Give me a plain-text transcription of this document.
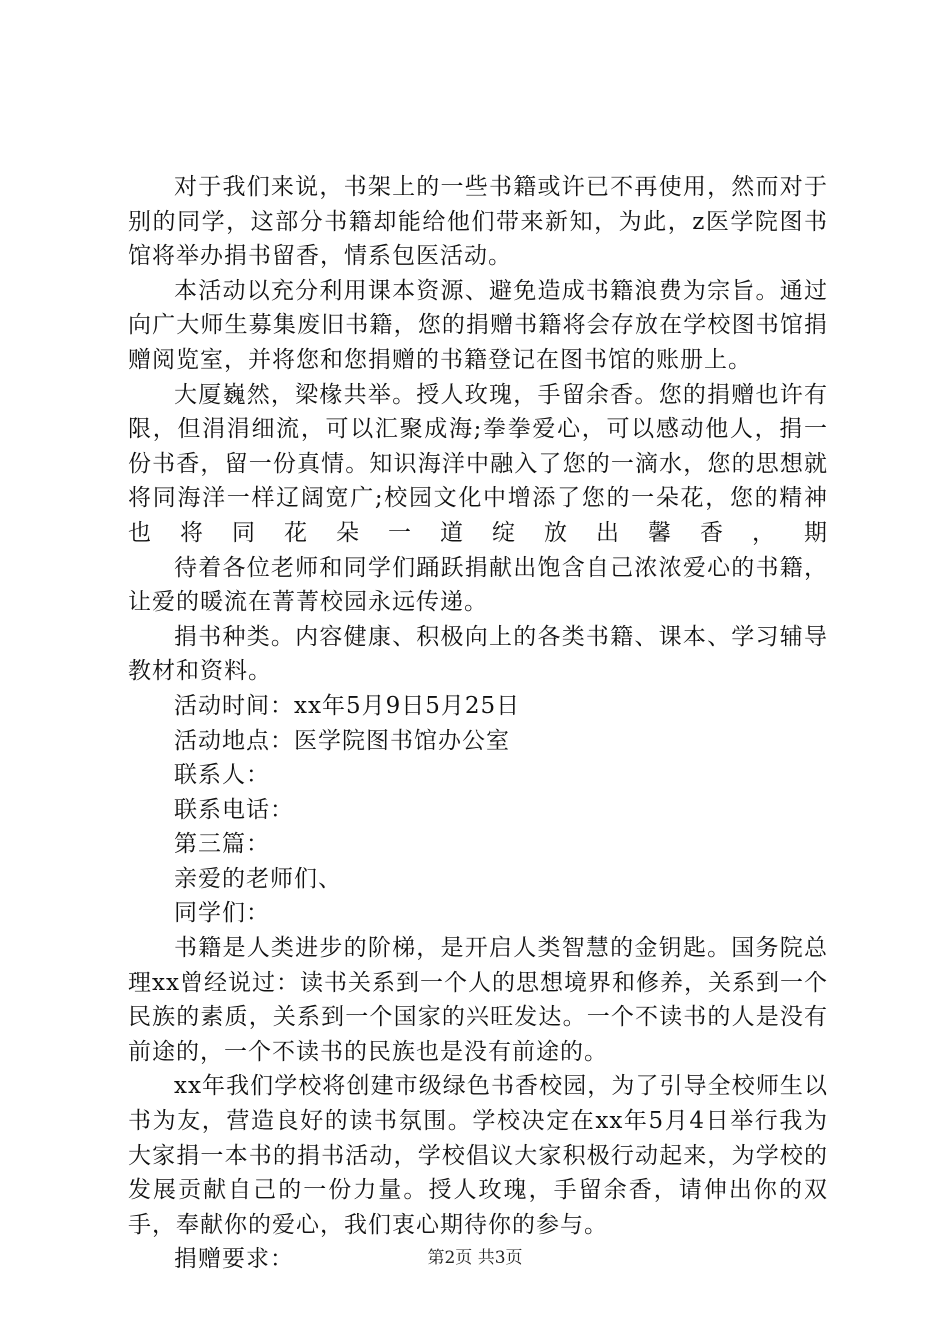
对于我们来说，书架上的一些书籍或许已不再使用，然而对于别的同学，这部分书籍却能给他们带来新知，为此，z医学院图书馆将举办捐书留香，情系包医活动。

本活动以充分利用课本资源、避免造成书籍浪费为宗旨。通过向广大师生募集废旧书籍，您的捐赠书籍将会存放在学校图书馆捐赠阅览室，并将您和您捐赠的书籍登记在图书馆的账册上。

大厦巍然，梁椽共举。授人玫瑰，手留余香。您的捐赠也许有限，但涓涓细流，可以汇聚成海;拳拳爱心，可以感动他人，捐一份书香，留一份真情。知识海洋中融入了您的一滴水，您的思想就将同海洋一样辽阔宽广;校园文化中增添了您的一朵花，您的精神也将同花朵一道绽放出馨香，期

待着各位老师和同学们踊跃捐献出饱含自己浓浓爱心的书籍，让爱的暖流在菁菁校园永远传递。

捐书种类。内容健康、积极向上的各类书籍、课本、学习辅导教材和资料。

活动时间：xx年5月9日5月25日

活动地点：医学院图书馆办公室

联系人：

联系电话：

第三篇：

亲爱的老师们、

同学们：

书籍是人类进步的阶梯，是开启人类智慧的金钥匙。国务院总理xx曾经说过：读书关系到一个人的思想境界和修养，关系到一个民族的素质，关系到一个国家的兴旺发达。一个不读书的人是没有前途的，一个不读书的民族也是没有前途的。

xx年我们学校将创建市级绿色书香校园，为了引导全校师生以书为友，营造良好的读书氛围。学校决定在xx年5月4日举行我为大家捐一本书的捐书活动，学校倡议大家积极行动起来，为学校的发展贡献自己的一份力量。授人玫瑰，手留余香，请伸出你的双手，奉献你的爱心，我们衷心期待你的参与。

捐赠要求：	第2页 共3页
